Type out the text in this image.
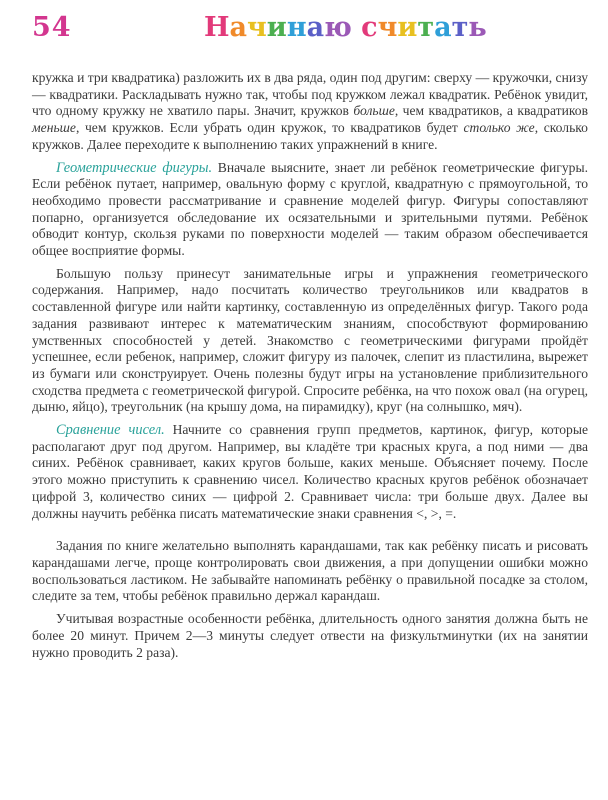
54	Начинаю считать

кружка и три квадратика) разложить их в два ряда, один под другим: сверху — кружочки, снизу — квадратики. Раскладывать нужно так, чтобы под кружком лежал квадратик. Ребёнок увидит, что одному кружку не хватило пары. Значит, кружков больше, чем квадратиков, а квадратиков меньше, чем кружков. Если убрать один кружок, то квадратиков будет столько же, сколько кружков. Далее переходите к выполнению таких упражнений в книге.

Геометрические фигуры. Вначале выясните, знает ли ребёнок геометрические фигуры. Если ребёнок путает, например, овальную форму с круглой, квадратную с прямоугольной, то необходимо провести рассматривание и сравнение моделей фигур. Фигуры сопоставляют попарно, организуется обследование их осязательными и зрительными путями. Ребёнок обводит контур, скользя руками по поверхности моделей — таким образом обеспечивается общее восприятие формы.

Большую пользу принесут занимательные игры и упражнения геометрического содержания. Например, надо посчитать количество треугольников или квадратов в составленной фигуре или найти картинку, составленную из определённых фигур. Такого рода задания развивают интерес к математическим знаниям, способствуют формированию умственных способностей у детей. Знакомство с геометрическими фигурами пройдёт успешнее, если ребенок, например, сложит фигуру из палочек, слепит из пластилина, вырежет из бумаги или сконструирует. Очень полезны будут игры на установление приблизительного сходства предмета с геометрической фигурой. Спросите ребёнка, на что похож овал (на огурец, дыню, яйцо), треугольник (на крышу дома, на пирамидку), круг (на солнышко, мяч).

Сравнение чисел. Начните со сравнения групп предметов, картинок, фигур, которые располагают друг под другом. Например, вы кладёте три красных круга, а под ними — два синих. Ребёнок сравнивает, каких кругов больше, каких меньше. Объясняет почему. После этого можно приступить к сравнению чисел. Количество красных кругов ребёнок обозначает цифрой 3, количество синих — цифрой 2. Сравнивает числа: три больше двух. Далее вы должны научить ребёнка писать математические знаки сравнения <, >, =.

Задания по книге желательно выполнять карандашами, так как ребёнку писать и рисовать карандашами легче, проще контролировать свои движения, а при допущении ошибки можно воспользоваться ластиком. Не забывайте напоминать ребёнку о правильной посадке за столом, следите за тем, чтобы ребёнок правильно держал карандаш.

Учитывая возрастные особенности ребёнка, длительность одного занятия должна быть не более 20 минут. Причем 2—3 минуты следует отвести на физкультминутки (их на занятии нужно проводить 2 раза).
